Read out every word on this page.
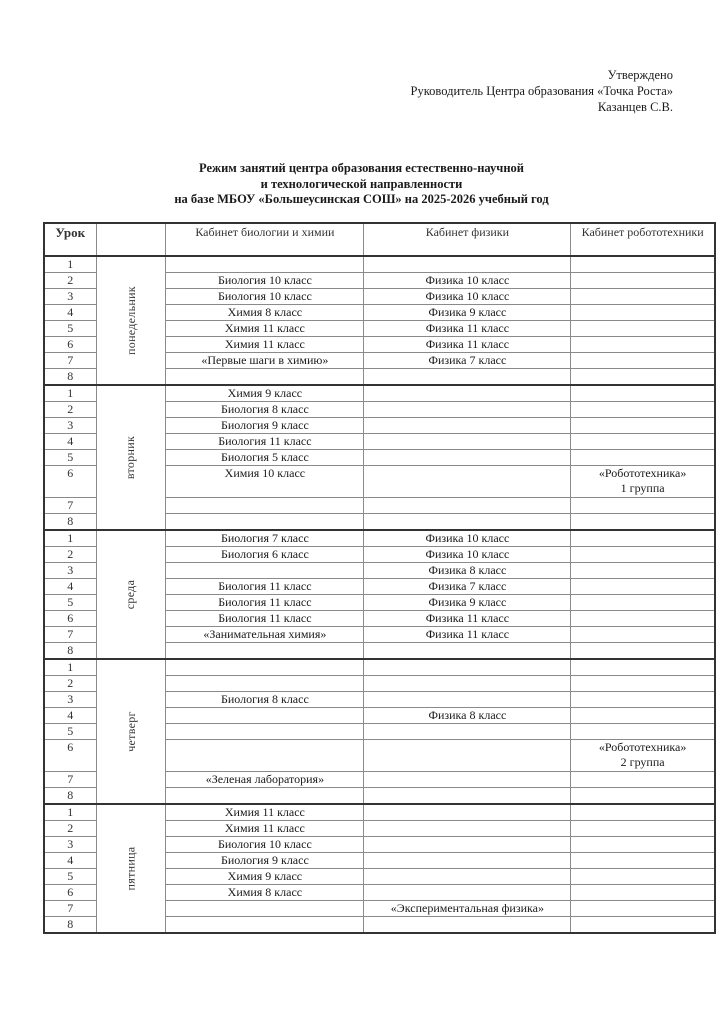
Утверждено
Руководитель Центра образования «Точка Роста»
Казанцев С.В.
Режим занятий центра образования естественно-научной
и технологической направленности
на базе МБОУ «Большеусинская СОШ» на 2025-2026 учебный год
Урок		Кабинет биологии и химии	Кабинет физики	Кабинет робототехники
1	понедельник			

2		Биология 10 класс	Физика 10 класс	

3		Биология 10 класс	Физика 10 класс	

4		Химия 8 класс	Физика 9 класс	

5		Химия 11 класс	Физика 11 класс	

6		Химия 11 класс	Физика 11 класс	

7		«Первые шаги в химию»	Физика 7 класс	

8				

1	вторник	Химия 9 класс		

2		Биология 8 класс		

3		Биология 9 класс		

4		Биология 11 класс		

5		Биология 5 класс		

6		Химия 10 класс		«Робототехника»
1 группа

7				

8				

1	среда	Биология 7 класс	Физика 10 класс	

2		Биология 6 класс	Физика 10 класс	

3			Физика 8 класс	

4		Биология 11 класс	Физика 7 класс	

5		Биология 11 класс	Физика 9 класс	

6		Биология 11 класс	Физика 11 класс	

7		«Занимательная химия»	Физика 11 класс	

8				

1	четверг			

2				

3		Биология 8 класс		

4			Физика 8 класс	

5				

6				«Робототехника»
2 группа

7		«Зеленая лаборатория»		

8				

1	пятница	Химия 11 класс		

2		Химия 11 класс		

3		Биология 10 класс		

4		Биология 9 класс		

5		Химия 9 класс		

6		Химия 8 класс		

7			«Экспериментальная физика»	

8				
